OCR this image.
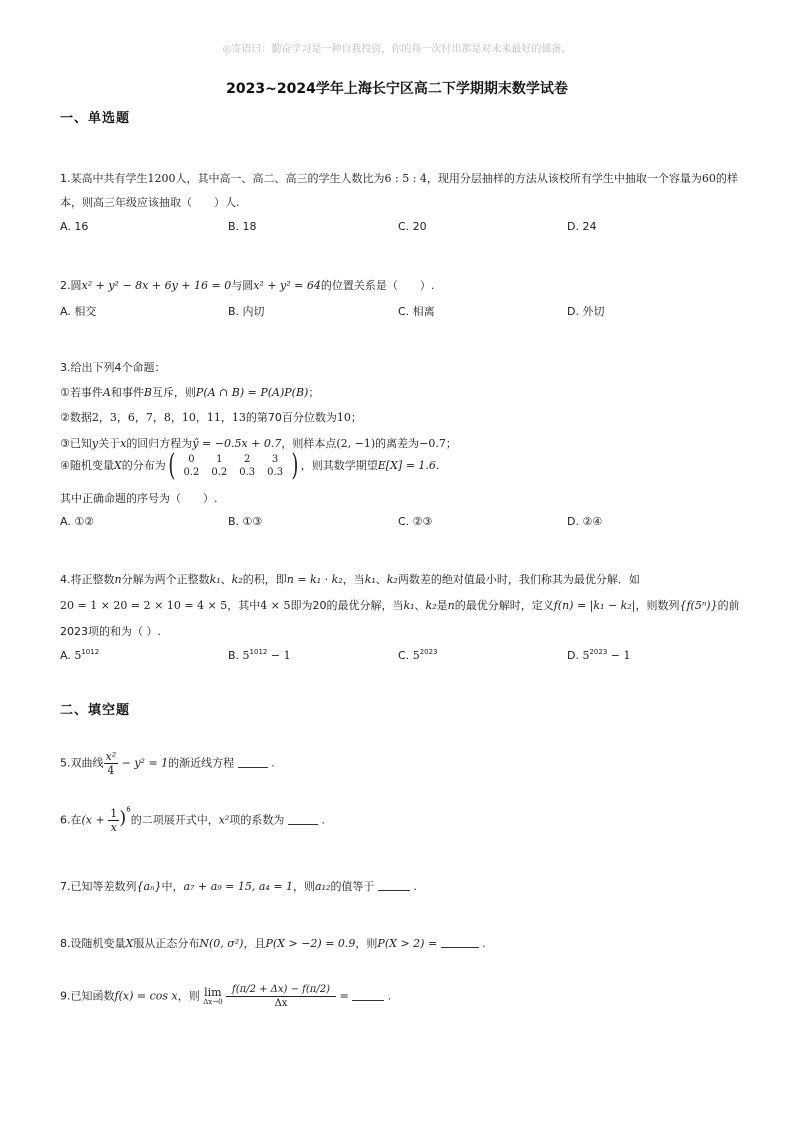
◎寄语曰：勤奋学习是一种自我投资，你的每一次付出都是对未来最好的储备。
2023~2024学年上海长宁区高二下学期期末数学试卷
一、单选题
1.某高中共有学生1200人，其中高一、高二、高三的学生人数比为6 : 5 : 4，现用分层抽样的方法从该校所有学生中抽取一个容量为60的样
本，则高三年级应该抽取（　　）人.
A. 16	B. 18	C. 20	D. 24
2.圆x² + y² − 8x + 6y + 16 = 0与圆x² + y² = 64的位置关系是（　　）.
A. 相交	B. 内切	C. 相离	D. 外切
3.给出下列4个命题：
①若事件A和事件B互斥，则P(A ∩ B) = P(A)P(B)；
②数据2，3，6，7，8，10，11，13的第70百分位数为10；
③已知y关于x的回归方程为ŷ = −0.5x + 0.7，则样本点(2, −1)的离差为−0.7；
④随机变量X的分布为 ( 0	1	2	3
0.2	0.2	0.3	0.3 ) ，则其数学期望E[X] = 1.6.
其中正确命题的序号为（　　）.
A. ①②	B. ①③	C. ②③	D. ②④
4.将正整数n分解为两个正整数k₁、k₂的积，即n = k₁ · k₂，当k₁、k₂两数差的绝对值最小时，我们称其为最优分解．如
20 = 1 × 20 = 2 × 10 = 4 × 5，其中4 × 5即为20的最优分解，当k₁、k₂是n的最优分解时，定义f(n) = |k₁ − k₂|，则数列{f(5ⁿ)}的前
2023项的和为（ ）.
A. $5^{1012}$	B. $5^{1012} - 1$	C. $5^{2023}$	D. $5^{2023} - 1$
二、填空题
5.双曲线 $\frac{\text{x²}}{4} - y^2 = 1$的渐近线方程	.
6.在$(x + \frac{1}{x} )^6$的二项展开式中，x²项的系数为	.
7.已知等差数列{aₙ}中，a₇ + a₉ = 15, a₄ = 1，则a₁₂的值等于	.
8.设随机变量X服从正态分布N(0, σ²)，且P(X > −2) = 0.9，则P(X > 2) =	.
9.已知函数f(x) = cos x，则 lim
Δx→0
$\frac{f(\pi/2 + \Delta x) - f(\pi/2)}{\Delta x}$ =	.
